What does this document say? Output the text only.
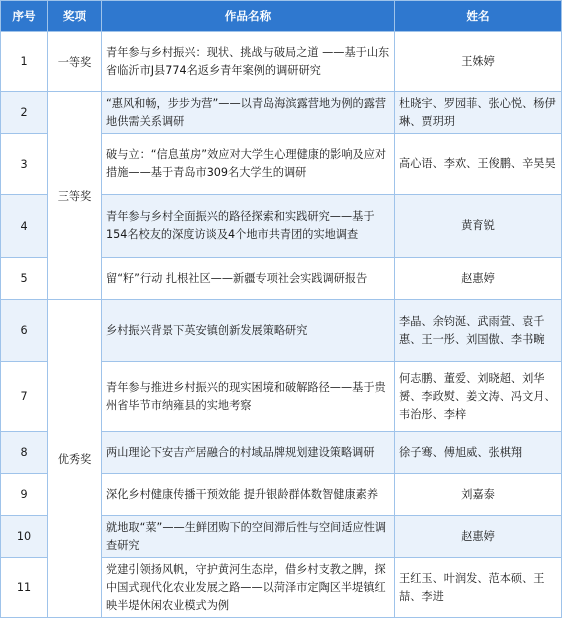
序号	奖项	作品名称	姓名
1	一等奖	青年参与乡村振兴：现状、挑战与破局之道 ——基于山东省临沂市J县774名返乡青年案例的调研研究	王姝婷
2	三等奖	“惠风和畅，步步为营”——以青岛海滨露营地为例的露营地供需关系调研	杜晓宇、罗园菲、张心悦、杨伊琳、贾玥玥
3		破与立：“信息茧房”效应对大学生心理健康的影响及应对措施——基于青岛市309名大学生的调研	高心语、李欢、王俊鹏、辛昊昊
4		青年参与乡村全面振兴的路径探索和实践研究——基于154名校友的深度访谈及4个地市共青团的实地调查	黄育锐
5		留“籽”行动 扎根社区——新疆专项社会实践调研报告	赵惠婷
6	优秀奖	乡村振兴背景下英安镇创新发展策略研究	李晶、余钧涎、武雨萱、袁千惠、王一彤、刘国傲、李书畹
7		青年参与推进乡村振兴的现实困境和破解路径——基于贵州省毕节市纳雍县的实地考察	何志鹏、董爱、刘晓超、刘华赟、李政熨、姜文涛、冯文月、韦治彤、李梓
8		两山理论下安吉产居融合的村域品牌规划建设策略调研	徐子骞、傅旭威、张棋翔
9		深化乡村健康传播干预效能 提升银龄群体数智健康素养	刘嘉泰
10		就地取“菜”——生鲜团购下的空间滞后性与空间适应性调查研究	赵惠婷
11		党建引领扬风帆，守护黄河生态岸，借乡村支教之脾，探中国式现代化农业发展之路——以菏泽市定陶区半堤镇红映半堤休闲农业模式为例	王红玉、叶润发、范本硕、王喆、李进
